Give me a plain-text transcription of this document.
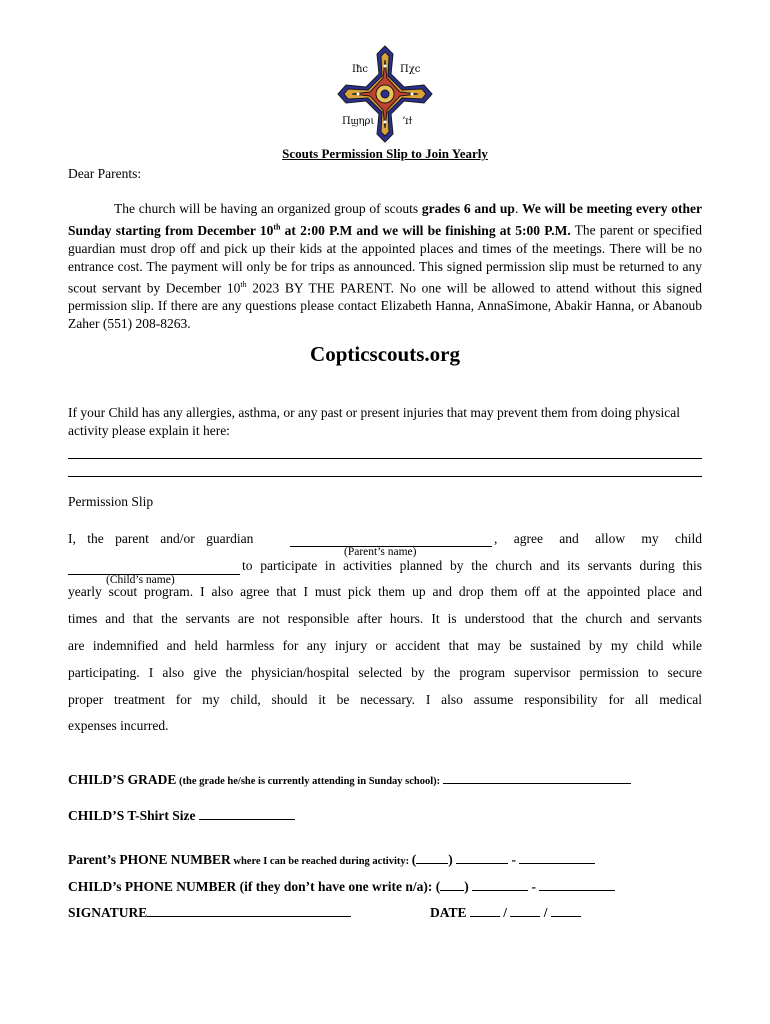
Iħc	Πχc
Πϣηρι	ʼɪϯ
Scouts Permission Slip to Join Yearly
Dear Parents:
The church will be having an organized group of scouts grades 6 and up. We will be meeting every other Sunday starting from December 10th at 2:00 P.M and we will be finishing at 5:00 P.M. The parent or specified guardian must drop off and pick up their kids at the appointed places and times of the meetings. There will be no entrance cost. The payment will only be for trips as announced. This signed permission slip must be returned to any scout servant by December 10th 2023 BY THE PARENT. No one will be allowed to attend without this signed permission slip. If there are any questions please contact Elizabeth Hanna, AnnaSimone, Abakir Hanna, or Abanoub Zaher (551) 208-8263.
Copticscouts.org
If your Child has any allergies, asthma, or any past or present injuries that may prevent them from doing physical activity please explain it here:
Permission Slip
I, the parent and/or guardian	, agree and allow my child
(Parent’s name)
to participate in activities planned by the church and its servants during this
(Child’s name)
yearly scout program. I also agree that I must pick them up and drop them off at the appointed place and
times and that the servants are not responsible after hours. It is understood that the church and servants
are indemnified and held harmless for any injury or accident that may be sustained by my child while
participating. I also give the physician/hospital selected by the program supervisor permission to secure
proper treatment for my child, should it be necessary. I also assume responsibility for all medical
expenses incurred.
CHILD’S GRADE (the grade he/she is currently attending in Sunday school):
CHILD’S T-Shirt Size
Parent’s PHONE NUMBER where I can be reached during activity: ( )	-
CHILD’s PHONE NUMBER (if they don’t have one write n/a): ( )	-
SIGNATURE	DATE  /  /
